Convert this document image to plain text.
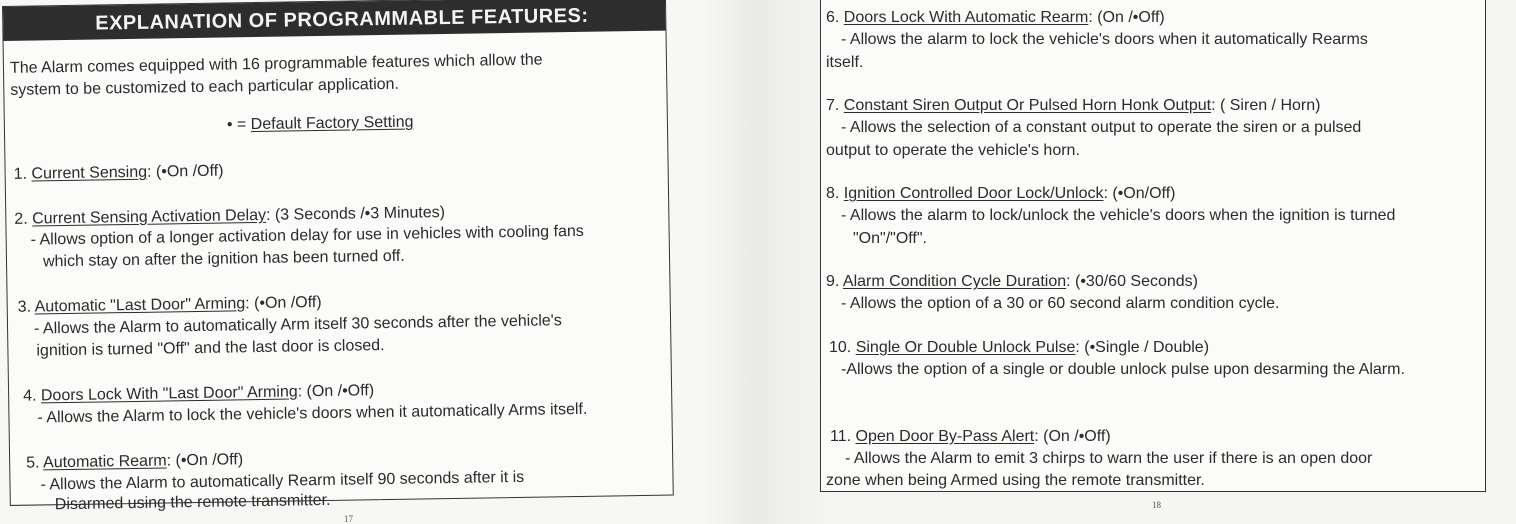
EXPLANATION OF PROGRAMMABLE FEATURES:
The Alarm comes equipped with 16 programmable features which allow the
system to be customized to each particular application.
• = Default Factory Setting
1. Current Sensing: (•On /Off)
2. Current Sensing Activation Delay: (3 Seconds /•3 Minutes)
- Allows option of a longer activation delay for use in vehicles with cooling fans
which stay on after the ignition has been turned off.
3. Automatic "Last Door" Arming: (•On /Off)
- Allows the Alarm to automatically Arm itself 30 seconds after the vehicle's
ignition is turned "Off" and the last door is closed.
4. Doors Lock With "Last Door" Arming: (On /•Off)
- Allows the Alarm to lock the vehicle's doors when it automatically Arms itself.
5. Automatic Rearm: (•On /Off)
- Allows the Alarm to automatically Rearm itself 90 seconds after it is
Disarmed using the remote transmitter.
17
6. Doors Lock With Automatic Rearm: (On /•Off)
- Allows the alarm to lock the vehicle's doors when it automatically Rearms
itself.
7. Constant Siren Output Or Pulsed Horn Honk Output: ( Siren / Horn)
- Allows the selection of a constant output to operate the siren or a pulsed
output to operate the vehicle's horn.
8. Ignition Controlled Door Lock/Unlock: (•On/Off)
- Allows the alarm to lock/unlock the vehicle's doors when the ignition is turned
"On"/"Off".
9. Alarm Condition Cycle Duration: (•30/60 Seconds)
- Allows the option of a 30 or 60 second alarm condition cycle.
10. Single Or Double Unlock Pulse: (•Single / Double)
-Allows the option of a single or double unlock pulse upon desarming the Alarm.
11. Open Door By-Pass Alert: (On /•Off)
- Allows the Alarm to emit 3 chirps to warn the user if there is an open door
zone when being Armed using the remote transmitter.
18
